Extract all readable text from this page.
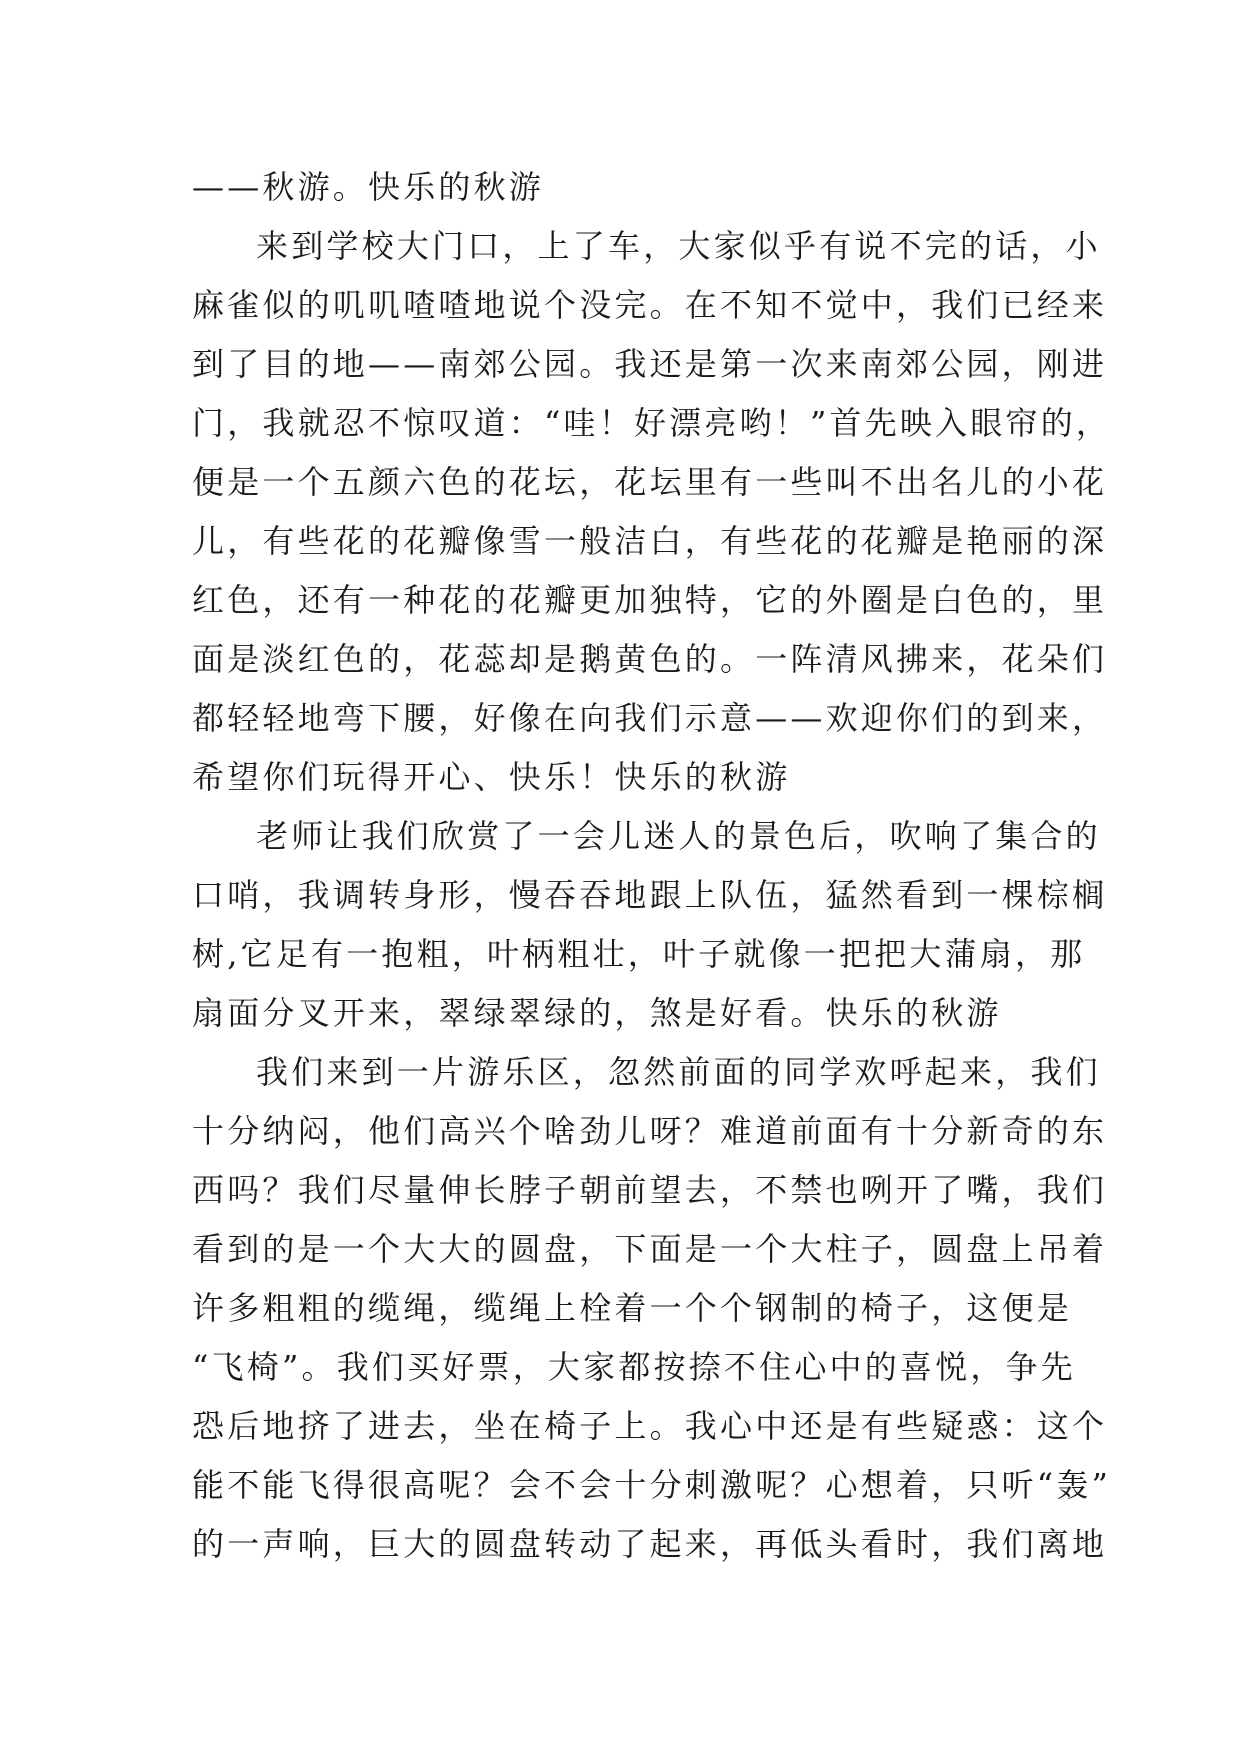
——秋游。快乐的秋游
来到学校大门口，上了车，大家似乎有说不完的话，小
麻雀似的叽叽喳喳地说个没完。在不知不觉中，我们已经来
到了目的地——南郊公园。我还是第一次来南郊公园，刚进
门，我就忍不惊叹道：“哇！好漂亮哟！”首先映入眼帘的，
便是一个五颜六色的花坛，花坛里有一些叫不出名儿的小花
儿，有些花的花瓣像雪一般洁白，有些花的花瓣是艳丽的深
红色，还有一种花的花瓣更加独特，它的外圈是白色的，里
面是淡红色的，花蕊却是鹅黄色的。一阵清风拂来，花朵们
都轻轻地弯下腰，好像在向我们示意——欢迎你们的到来，
希望你们玩得开心、快乐！快乐的秋游
老师让我们欣赏了一会儿迷人的景色后，吹响了集合的
口哨，我调转身形，慢吞吞地跟上队伍，猛然看到一棵棕榈
树,它足有一抱粗，叶柄粗壮，叶子就像一把把大蒲扇，那
扇面分叉开来，翠绿翠绿的，煞是好看。快乐的秋游
我们来到一片游乐区，忽然前面的同学欢呼起来，我们
十分纳闷，他们高兴个啥劲儿呀？难道前面有十分新奇的东
西吗？我们尽量伸长脖子朝前望去，不禁也咧开了嘴，我们
看到的是一个大大的圆盘，下面是一个大柱子，圆盘上吊着
许多粗粗的缆绳，缆绳上栓着一个个钢制的椅子，这便是
“飞椅”。我们买好票，大家都按捺不住心中的喜悦，争先
恐后地挤了进去，坐在椅子上。我心中还是有些疑惑：这个
能不能飞得很高呢？会不会十分刺激呢？心想着，只听“轰”
的一声响，巨大的圆盘转动了起来，再低头看时，我们离地
